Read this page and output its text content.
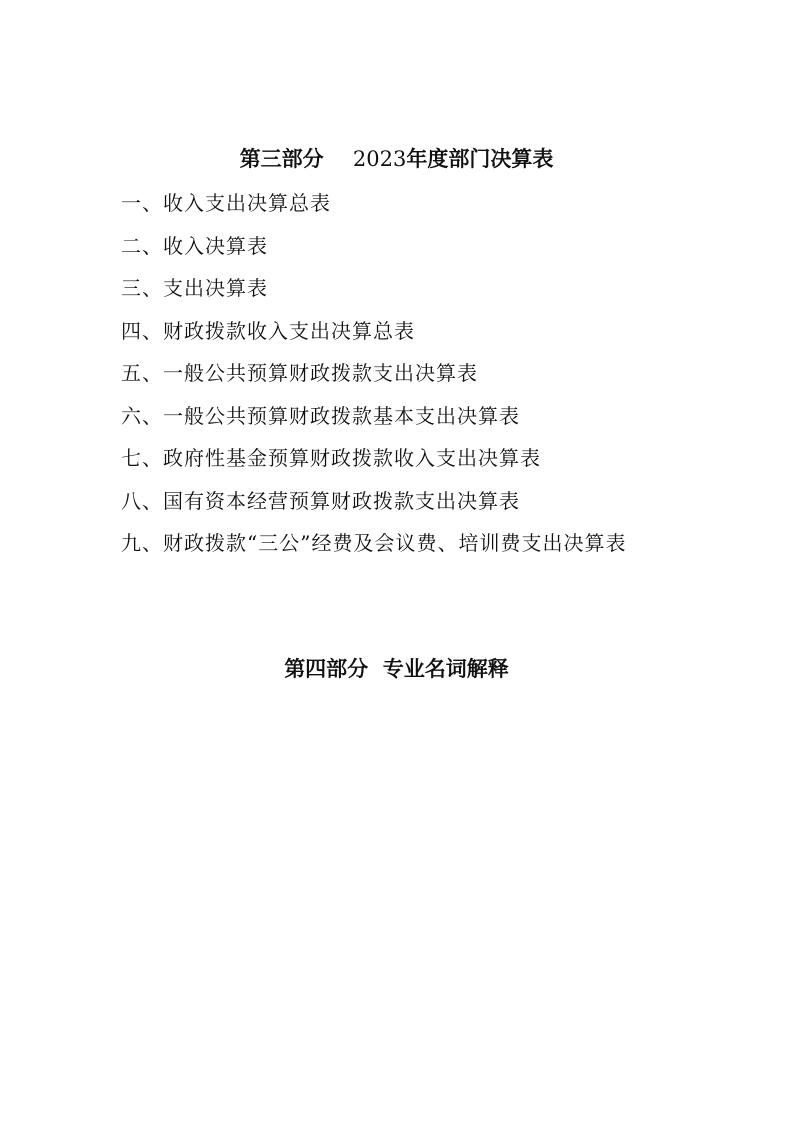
第三部分 2023年度部门决算表
一、收入支出决算总表
二、收入决算表
三、支出决算表
四、财政拨款收入支出决算总表
五、一般公共预算财政拨款支出决算表
六、一般公共预算财政拨款基本支出决算表
七、政府性基金预算财政拨款收入支出决算表
八、国有资本经营预算财政拨款支出决算表
九、财政拨款“三公”经费及会议费、培训费支出决算表
第四部分  专业名词解释
